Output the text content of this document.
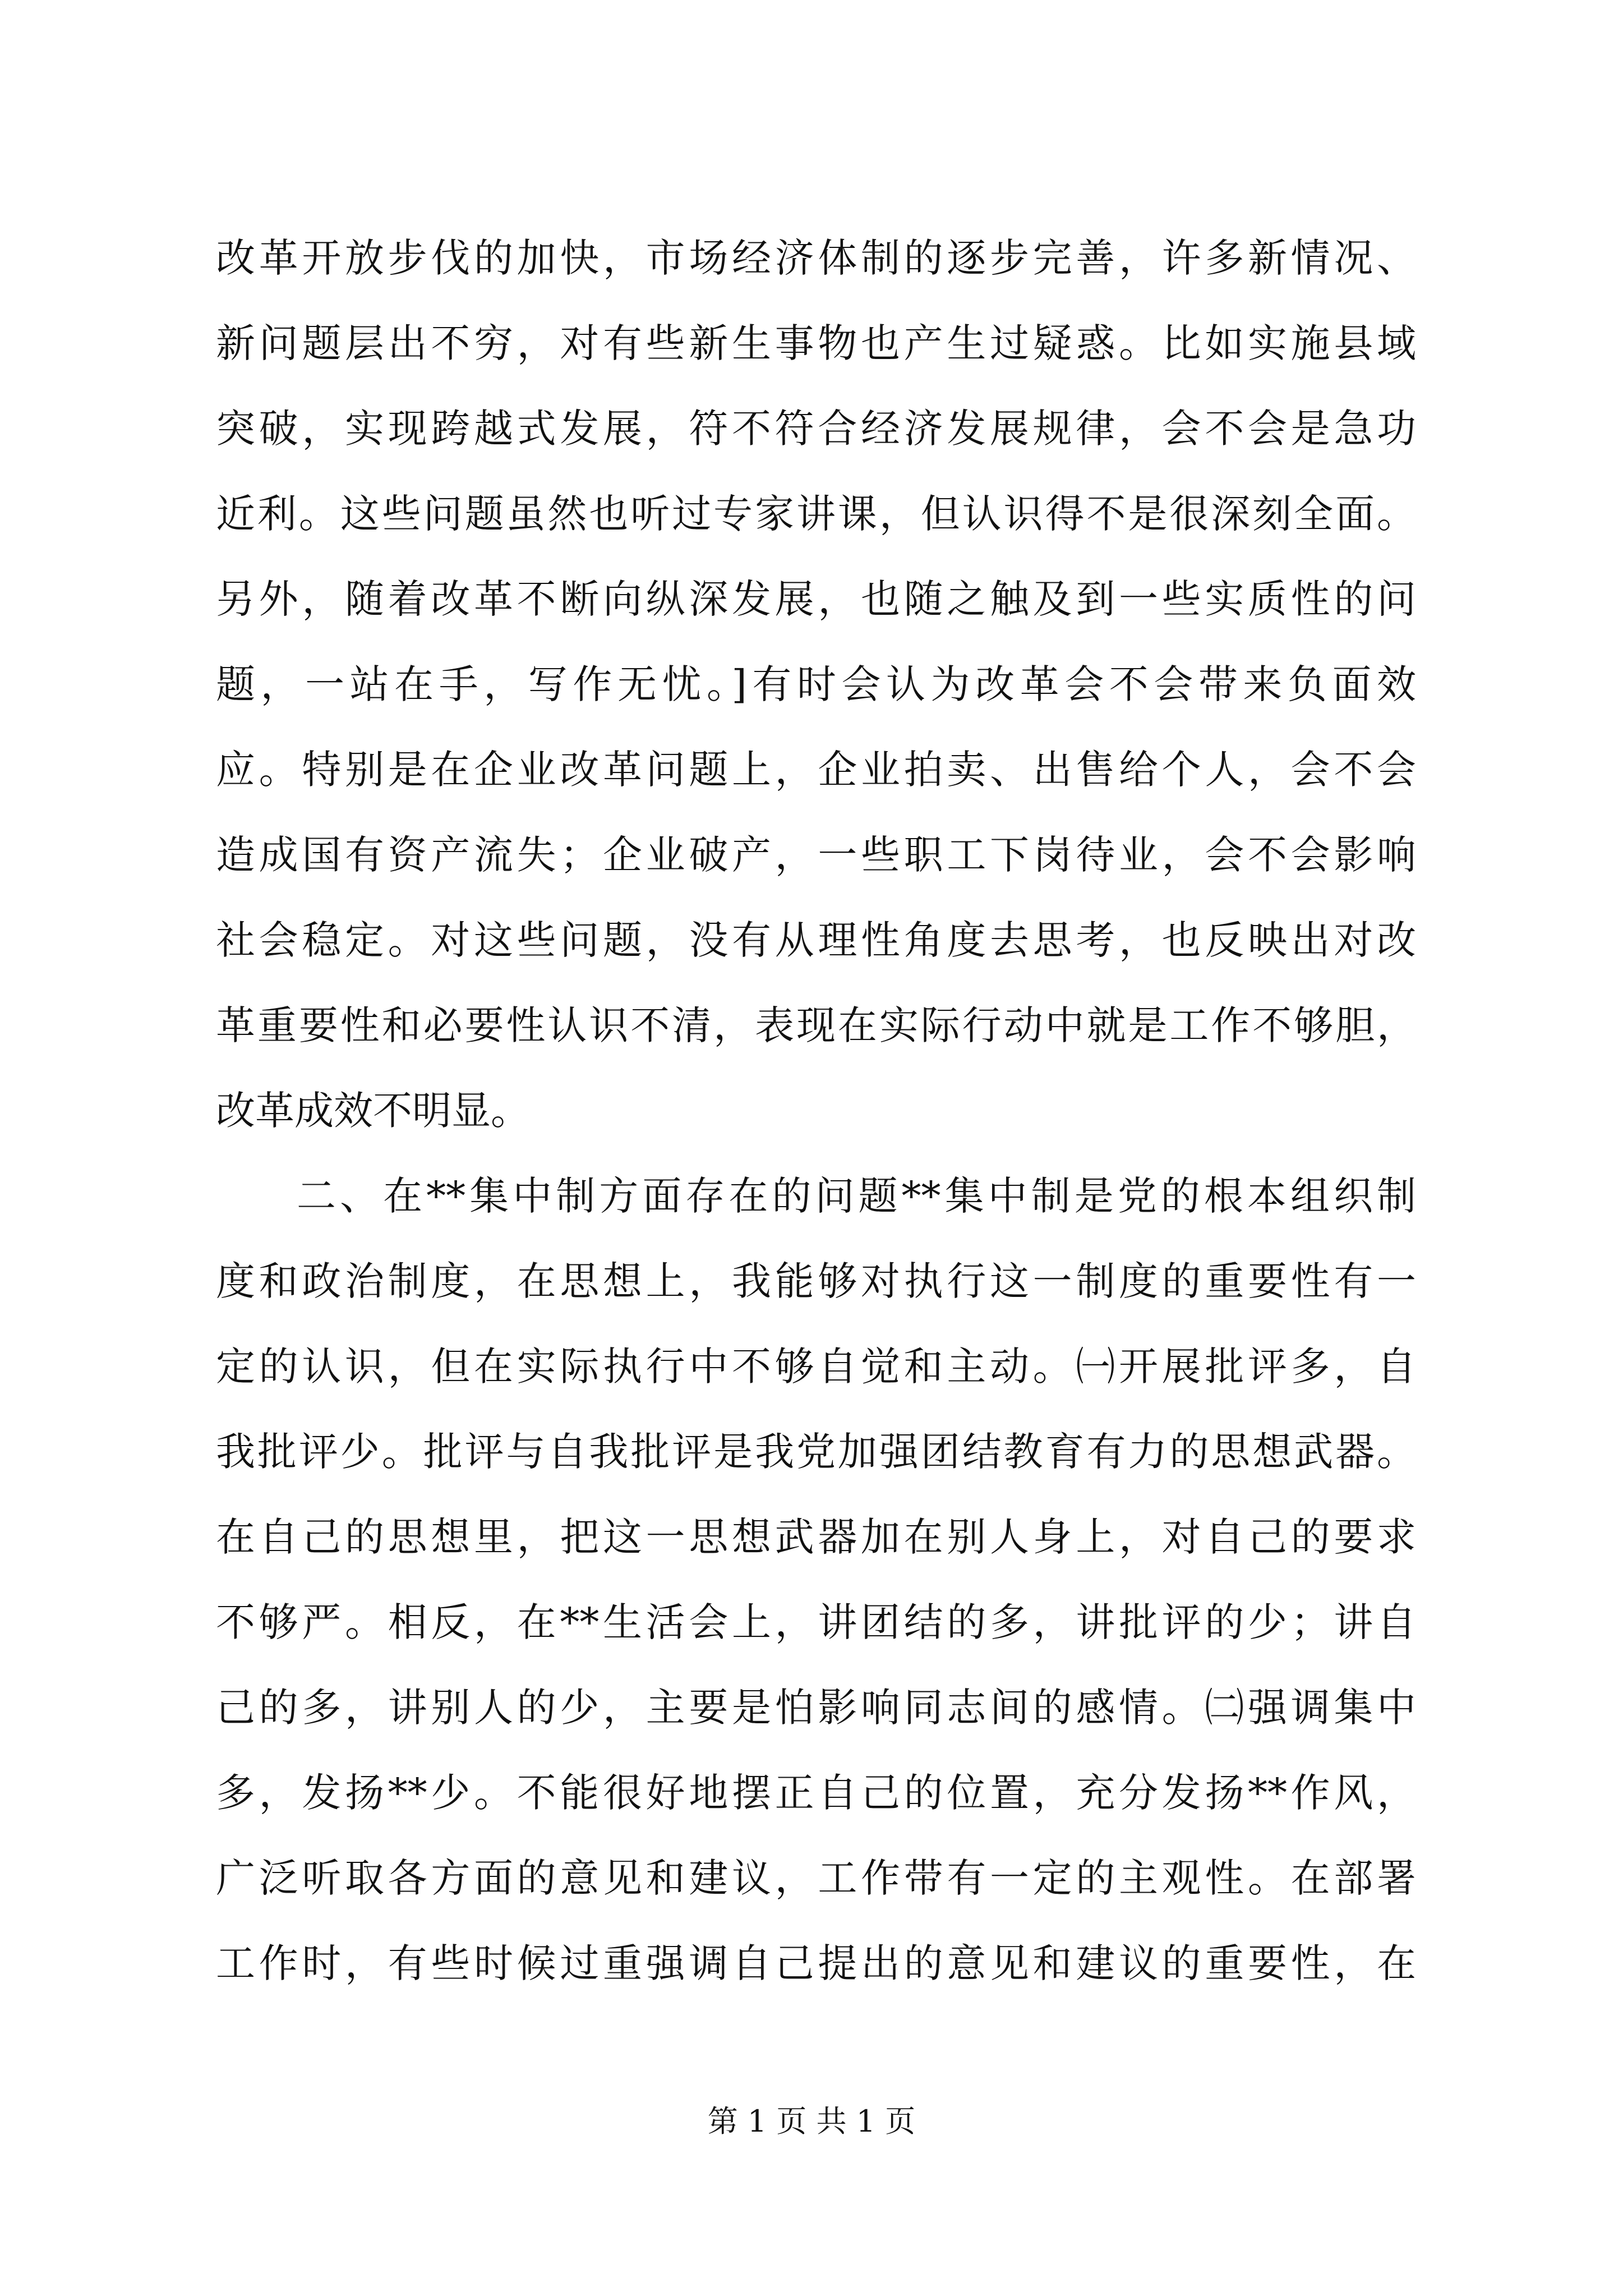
改革开放步伐的加快，市场经济体制的逐步完善，许多新情况、
新问题层出不穷，对有些新生事物也产生过疑惑。比如实施县域
突破，实现跨越式发展，符不符合经济发展规律，会不会是急功
近利。这些问题虽然也听过专家讲课，但认识得不是很深刻全面。
另外，随着改革不断向纵深发展，也随之触及到一些实质性的问
题，一站在手，写作无忧。]有时会认为改革会不会带来负面效
应。特别是在企业改革问题上，企业拍卖、出售给个人，会不会
造成国有资产流失；企业破产，一些职工下岗待业，会不会影响
社会稳定。对这些问题，没有从理性角度去思考，也反映出对改
革重要性和必要性认识不清，表现在实际行动中就是工作不够胆，
改革成效不明显。
二、在**集中制方面存在的问题**集中制是党的根本组织制
度和政治制度，在思想上，我能够对执行这一制度的重要性有一
定的认识，但在实际执行中不够自觉和主动。㈠开展批评多，自
我批评少。批评与自我批评是我党加强团结教育有力的思想武器。
在自己的思想里，把这一思想武器加在别人身上，对自己的要求
不够严。相反，在**生活会上，讲团结的多，讲批评的少；讲自
己的多，讲别人的少，主要是怕影响同志间的感情。㈡强调集中
多，发扬**少。不能很好地摆正自己的位置，充分发扬**作风，
广泛听取各方面的意见和建议，工作带有一定的主观性。在部署
工作时，有些时候过重强调自己提出的意见和建议的重要性，在
第 1 页 共 1 页
